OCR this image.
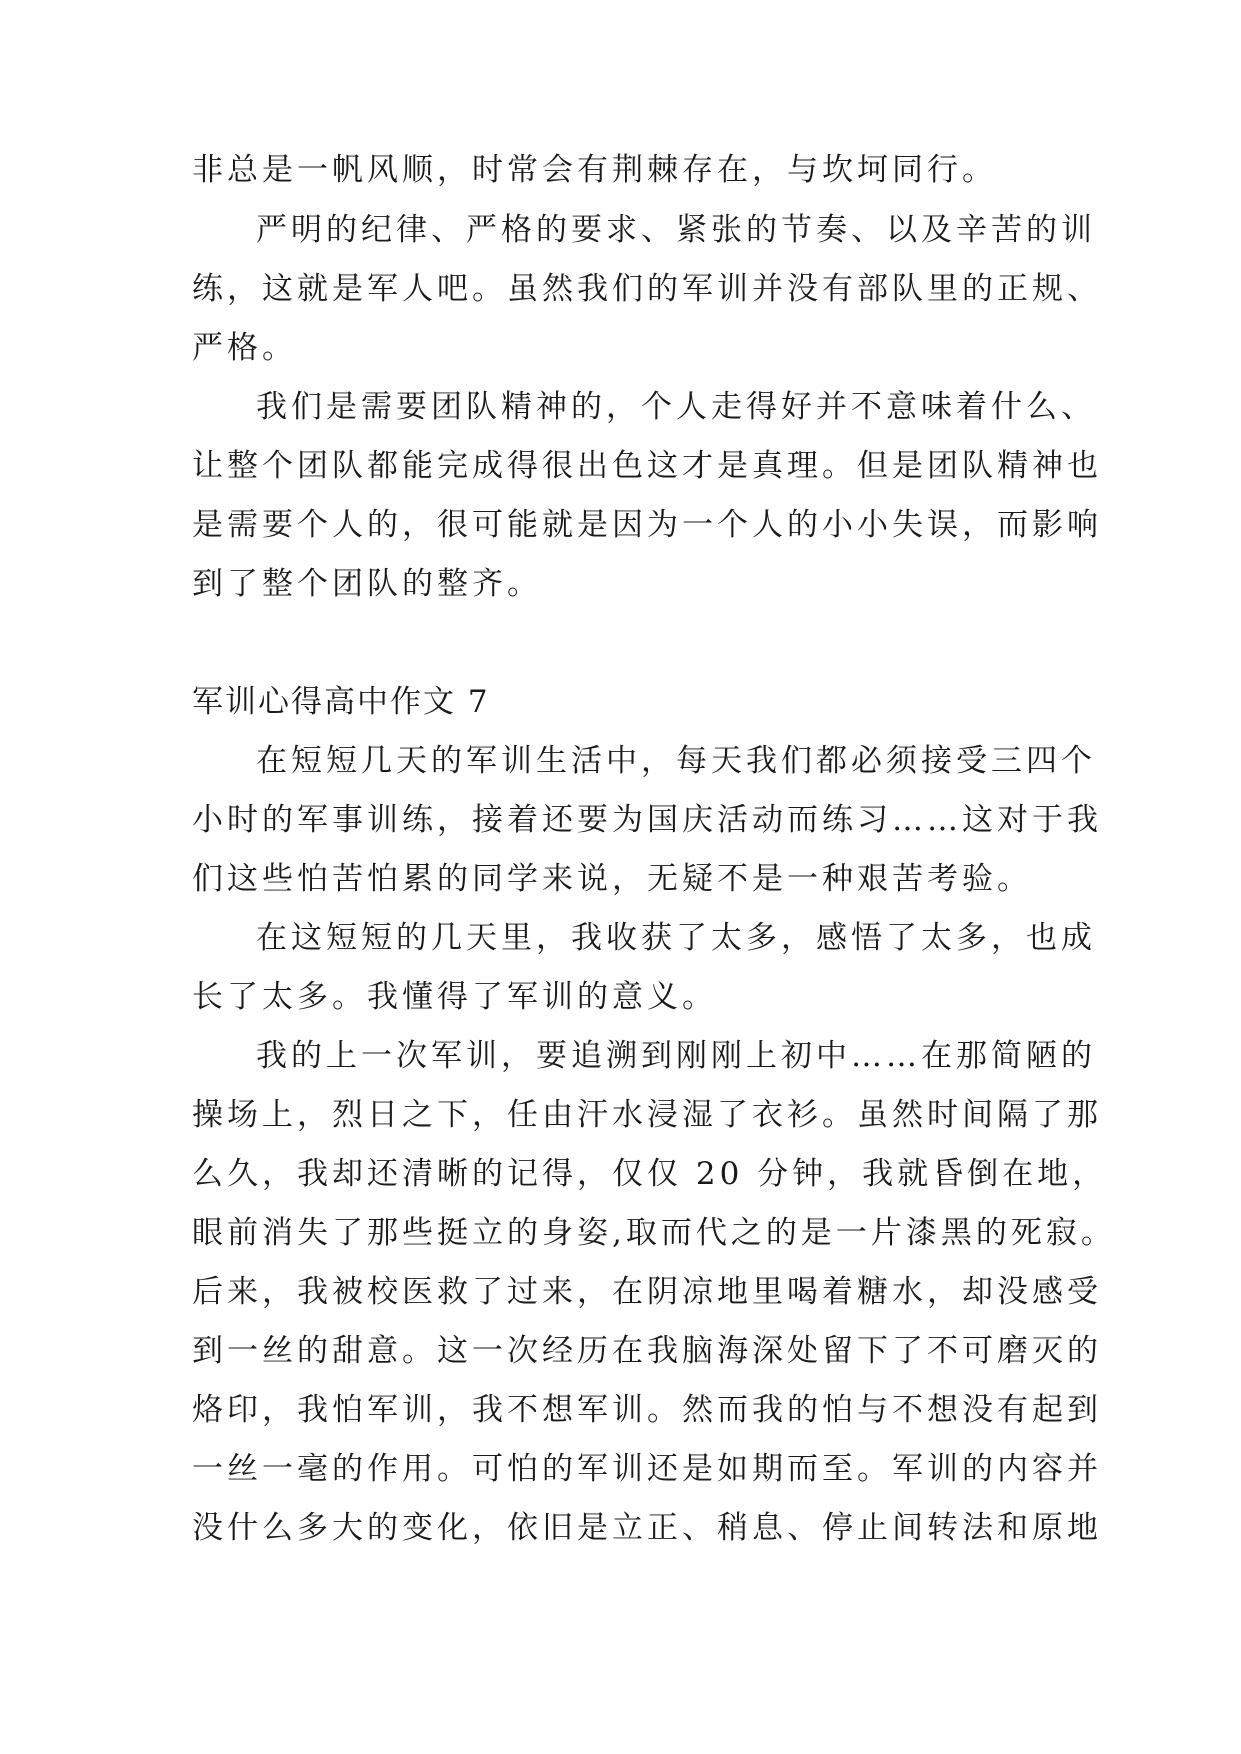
非总是一帆风顺，时常会有荆棘存在，与坎坷同行。
严明的纪律、严格的要求、紧张的节奏、以及辛苦的训
练，这就是军人吧。虽然我们的军训并没有部队里的正规、
严格。
我们是需要团队精神的，个人走得好并不意味着什么、
让整个团队都能完成得很出色这才是真理。但是团队精神也
是需要个人的，很可能就是因为一个人的小小失误，而影响
到了整个团队的整齐。
军训心得高中作文 7
在短短几天的军训生活中，每天我们都必须接受三四个
小时的军事训练，接着还要为国庆活动而练习……这对于我
们这些怕苦怕累的同学来说，无疑不是一种艰苦考验。
在这短短的几天里，我收获了太多，感悟了太多，也成
长了太多。我懂得了军训的意义。
我的上一次军训，要追溯到刚刚上初中……在那简陋的
操场上，烈日之下，任由汗水浸湿了衣衫。虽然时间隔了那
么久，我却还清晰的记得，仅仅 20 分钟，我就昏倒在地，
眼前消失了那些挺立的身姿,取而代之的是一片漆黑的死寂。
后来，我被校医救了过来，在阴凉地里喝着糖水，却没感受
到一丝的甜意。这一次经历在我脑海深处留下了不可磨灭的
烙印，我怕军训，我不想军训。然而我的怕与不想没有起到
一丝一毫的作用。可怕的军训还是如期而至。军训的内容并
没什么多大的变化，依旧是立正、稍息、停止间转法和原地
